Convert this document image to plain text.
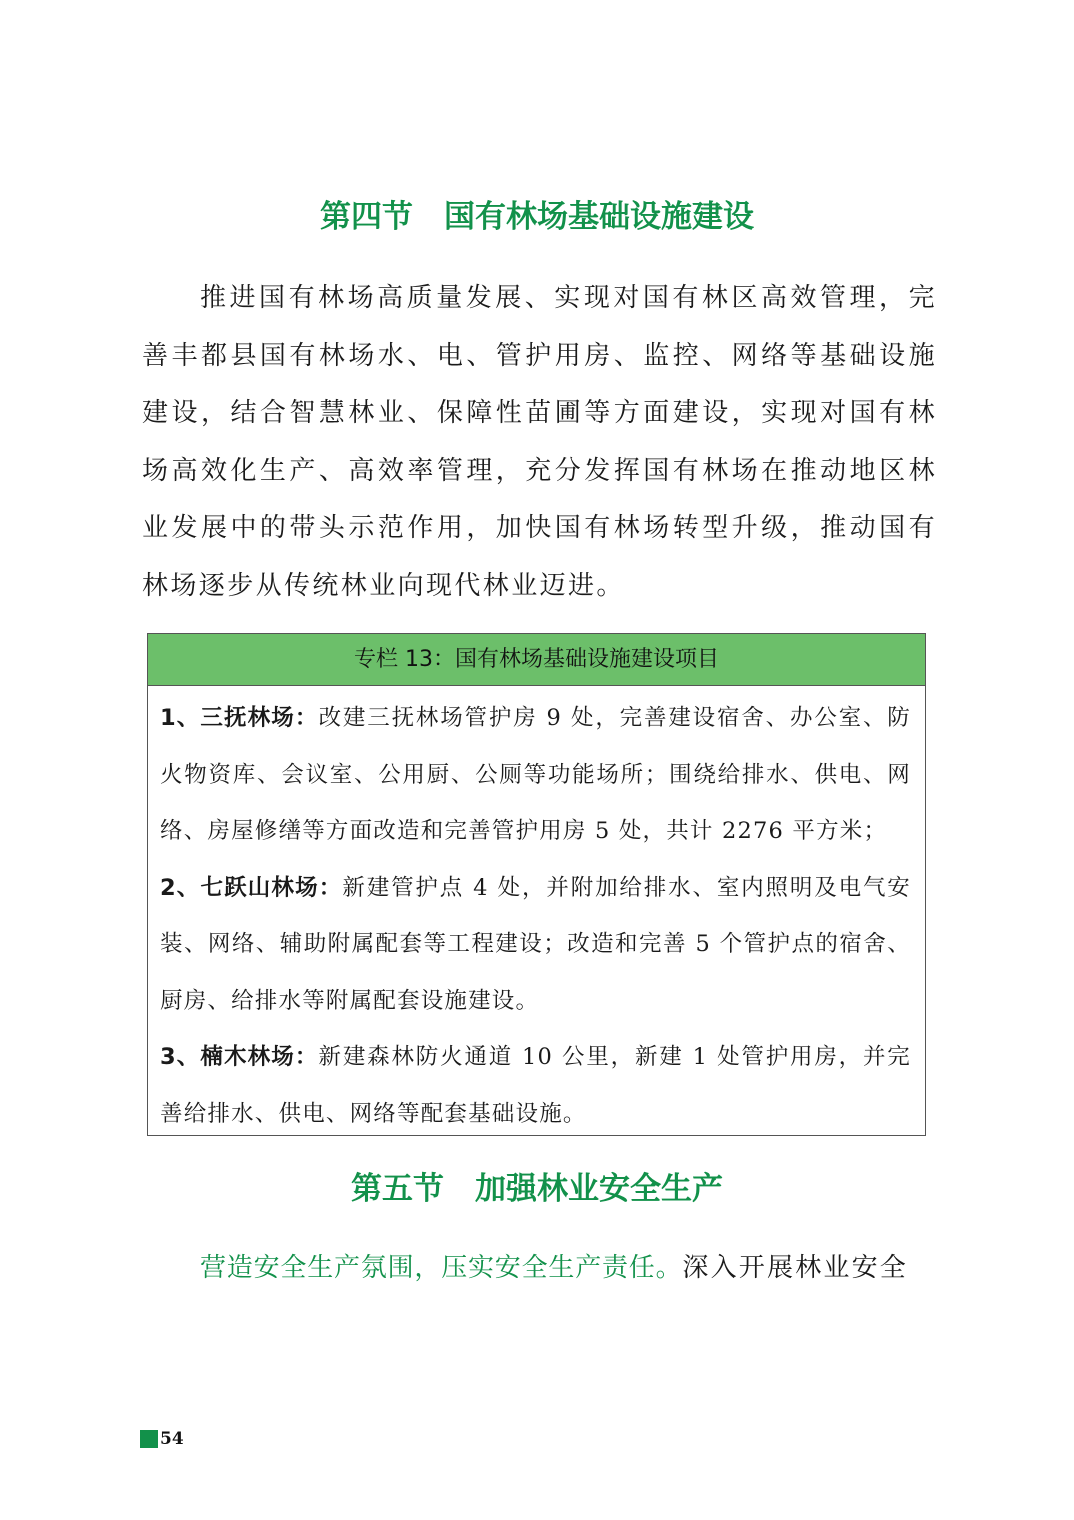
第四节　国有林场基础设施建设

推进国有林场高质量发展、实现对国有林区高效管理，完善丰都县国有林场水、电、管护用房、监控、网络等基础设施建设，结合智慧林业、保障性苗圃等方面建设，实现对国有林场高效化生产、高效率管理，充分发挥国有林场在推动地区林业发展中的带头示范作用，加快国有林场转型升级，推动国有林场逐步从传统林业向现代林业迈进。

专栏 13：国有林场基础设施建设项目

1、三抚林场：改建三抚林场管护房 9 处，完善建设宿舍、办公室、防火物资库、会议室、公用厨、公厕等功能场所；围绕给排水、供电、网络、房屋修缮等方面改造和完善管护用房 5 处，共计 2276 平方米；

2、七跃山林场：新建管护点 4 处，并附加给排水、室内照明及电气安装、网络、辅助附属配套等工程建设；改造和完善 5 个管护点的宿舍、厨房、给排水等附属配套设施建设。

3、楠木林场：新建森林防火通道 10 公里，新建 1 处管护用房，并完善给排水、供电、网络等配套基础设施。

第五节　加强林业安全生产

营造安全生产氛围，压实安全生产责任。深入开展林业安全

54
